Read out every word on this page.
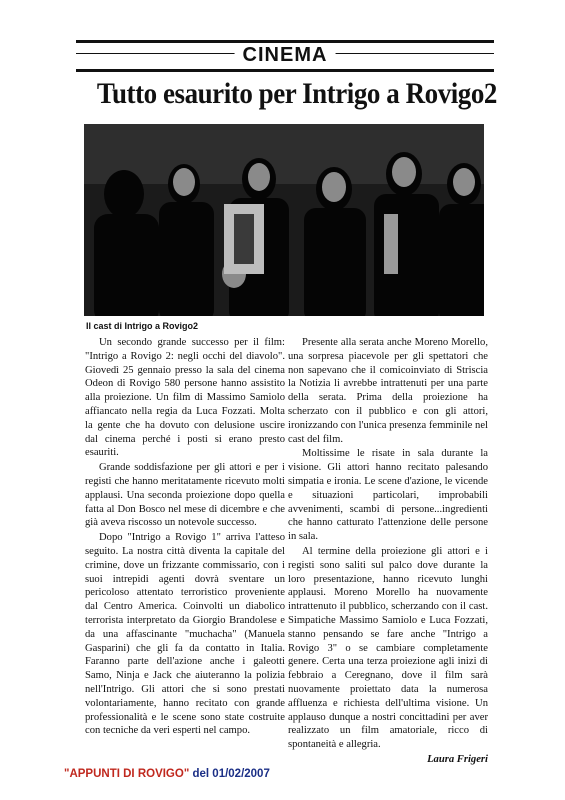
CINEMA
Tutto esaurito per Intrigo a Rovigo2
Il cast di Intrigo a Rovigo2

Un secondo grande successo per il film: "Intrigo a Rovigo 2: negli occhi del diavolo". Giovedì 25 gennaio presso la sala del cinema Odeon di Rovigo 580 persone hanno assistito alla proiezione. Un film di Massimo Samiolo affiancato nella regia da Luca Fozzati. Molta la gente che ha dovuto con delusione uscire dal cinema perché i posti si erano presto esauriti.

Grande soddisfazione per gli attori e per i registi che hanno meritatamente ricevuto molti applausi. Una seconda proiezione dopo quella fatta al Don Bosco nel mese di dicembre e che già aveva riscosso un notevole successo.

Dopo "Intrigo a Rovigo 1" arriva l'atteso seguito. La nostra città diventa la capitale del crimine, dove un frizzante commissario, con i suoi intrepidi agenti dovrà sventare un pericoloso attentato terroristico proveniente dal Centro America. Coinvolti un diabolico terrorista interpretato da Giorgio Brandolese e da una affascinante "muchacha" (Manuela Gasparini) che gli fa da contatto in Italia. Faranno parte dell'azione anche i galeotti Samo, Ninja e Jack che aiuteranno la polizia nell'Intrigo. Gli attori che si sono prestati volontariamente, hanno recitato con grande professionalità e le scene sono state costruite con tecniche da veri esperti nel campo.

Presente alla serata anche Moreno Morello, una sorpresa piacevole per gli spettatori che non sapevano che il comicoinviato di Striscia la Notizia li avrebbe intrattenuti per una parte della serata. Prima della proiezione ha scherzato con il pubblico e con gli attori, ironizzando con l'unica presenza femminile nel cast del film.

Moltissime le risate in sala durante la visione. Gli attori hanno recitato palesando simpatia e ironia. Le scene d'azione, le vicende e situazioni particolari, improbabili avvenimenti, scambi di persone...ingredienti che hanno catturato l'attenzione delle persone in sala.

Al termine della proiezione gli attori e i registi sono saliti sul palco dove durante la loro presentazione, hanno ricevuto lunghi applausi. Moreno Morello ha nuovamente intrattenuto il pubblico, scherzando con il cast. Simpatiche Massimo Samiolo e Luca Fozzati, stanno pensando se fare anche "Intrigo a Rovigo 3" o se cambiare completamente genere. Certa una terza proiezione agli inizi di febbraio a Ceregnano, dove il film sarà nuovamente proiettato data la numerosa affluenza e richiesta dell'ultima visione. Un applauso dunque a nostri concittadini per aver realizzato un film amatoriale, ricco di spontaneità e allegria.

Laura Frigeri

"APPUNTI DI ROVIGO" del 01/02/2007
